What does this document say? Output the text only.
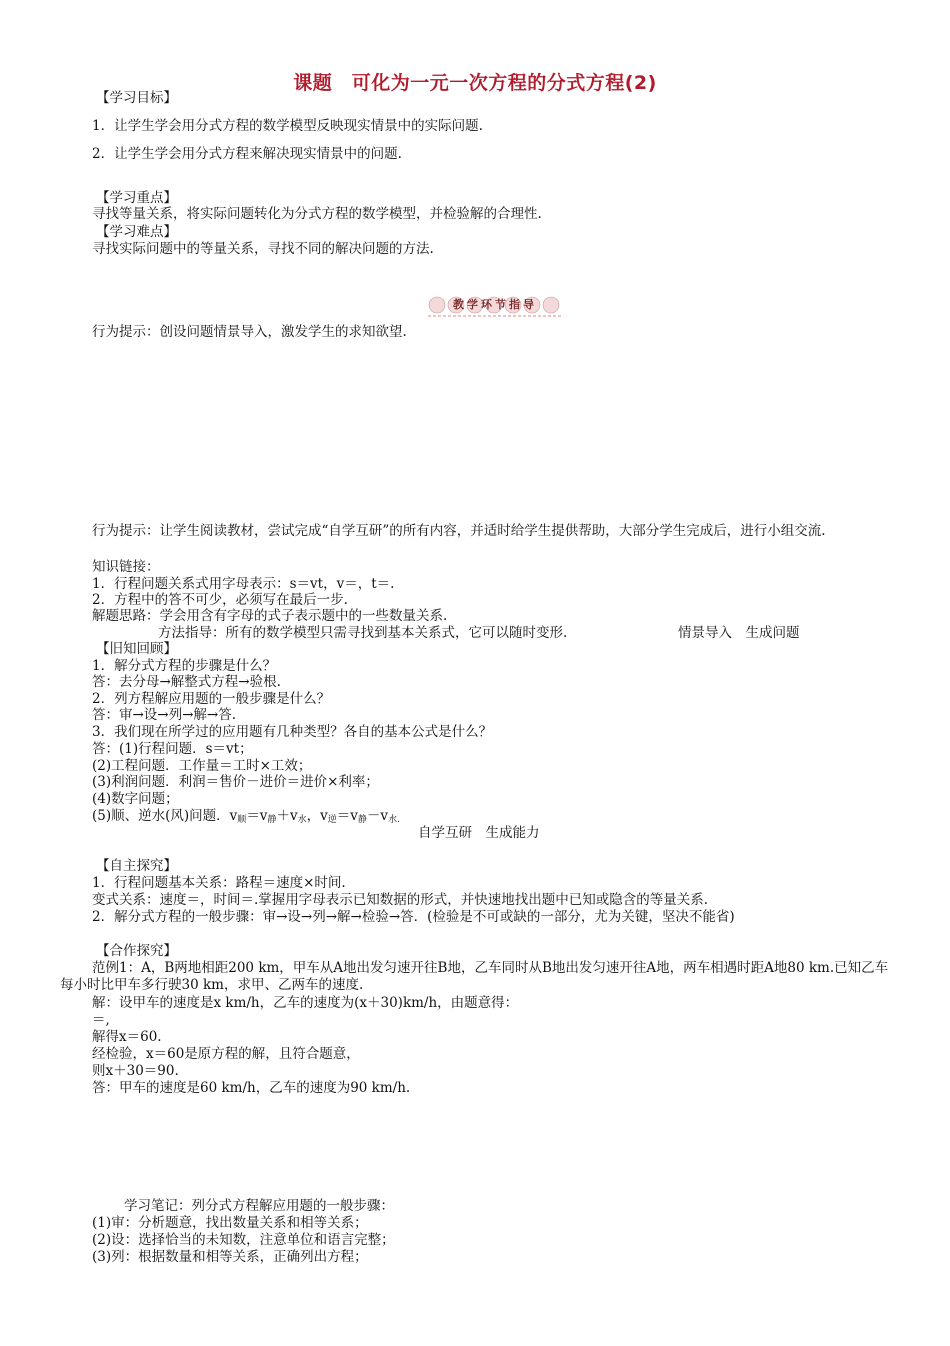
课题　可化为一元一次方程的分式方程(2)
【学习目标】
1．让学生学会用分式方程的数学模型反映现实情景中的实际问题.
2．让学生学会用分式方程来解决现实情景中的问题.
【学习重点】
寻找等量关系，将实际问题转化为分式方程的数学模型，并检验解的合理性.
【学习难点】
寻找实际问题中的等量关系，寻找不同的解决问题的方法.
教学环节指导
行为提示：创设问题情景导入，激发学生的求知欲望.
行为提示：让学生阅读教材，尝试完成“自学互研”的所有内容，并适时给学生提供帮助，大部分学生完成后，进行小组交流.
知识链接：
1．行程问题关系式用字母表示：s＝vt，v＝，t＝.
2．方程中的答不可少，必须写在最后一步.
解题思路：学会用含有字母的式子表示题中的一些数量关系.
方法指导：所有的数学模型只需寻找到基本关系式，它可以随时变形.	情景导入　生成问题
【旧知回顾】
1．解分式方程的步骤是什么？
答：去分母→解整式方程→验根.
2．列方程解应用题的一般步骤是什么？
答：审→设→列→解→答.
3．我们现在所学过的应用题有几种类型？各自的基本公式是什么？
答：(1)行程问题．s＝vt；
(2)工程问题．工作量＝工时×工效；
(3)利润问题．利润＝售价－进价＝进价×利率；
(4)数字问题；
(5)顺、逆水(风)问题．$v_顺=v_静+v_水$，$v_逆=v_静-v_{水.}$
自学互研　生成能力
【自主探究】
1．行程问题基本关系：路程＝速度×时间.
变式关系：速度＝，时间＝.掌握用字母表示已知数据的形式，并快速地找出题中已知或隐含的等量关系.
2．解分式方程的一般步骤：审→设→列→解→检验→答．(检验是不可或缺的一部分，尤为关键，坚决不能省)
【合作探究】
范例1：A，B两地相距200 km，甲车从A地出发匀速开往B地，乙车同时从B地出发匀速开往A地，两车相遇时距A地80 km.已知乙车每小时比甲车多行驶30 km，求甲、乙两车的速度.
解：设甲车的速度是x km/h，乙车的速度为(x＋30)km/h，由题意得：
＝,
解得x＝60.
经检验，x＝60是原方程的解，且符合题意，
则x＋30＝90.
答：甲车的速度是60 km/h，乙车的速度为90 km/h.
学习笔记：列分式方程解应用题的一般步骤：
(1)审：分析题意，找出数量关系和相等关系；
(2)设：选择恰当的未知数，注意单位和语言完整；
(3)列：根据数量和相等关系，正确列出方程；
